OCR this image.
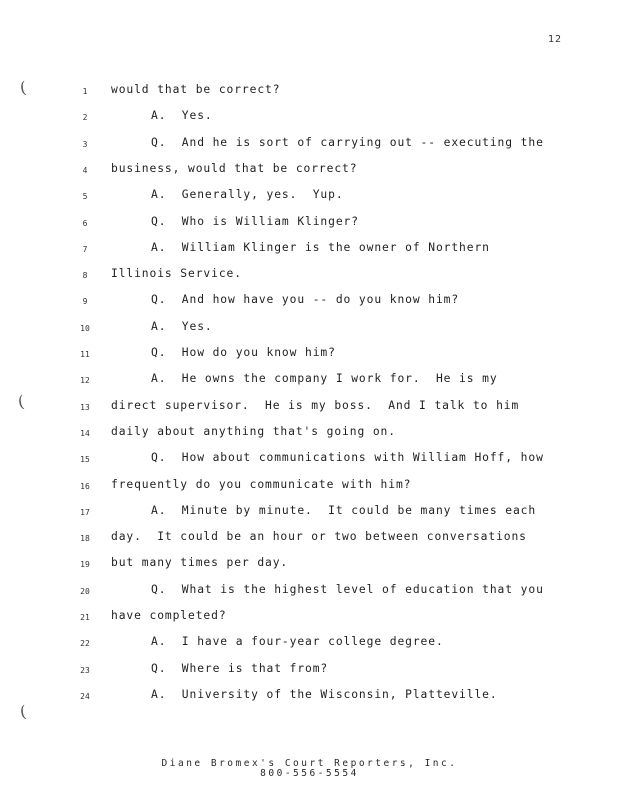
12
(
(
(
1	would that be correct?
2	A.  Yes.
3	Q.  And he is sort of carrying out -- executing the
4	business, would that be correct?
5	A.  Generally, yes.  Yup.
6	Q.  Who is William Klinger?
7	A.  William Klinger is the owner of Northern
8	Illinois Service.
9	Q.  And how have you -- do you know him?
10	A.  Yes.
11	Q.  How do you know him?
12	A.  He owns the company I work for.  He is my
13	direct supervisor.  He is my boss.  And I talk to him
14	daily about anything that's going on.
15	Q.  How about communications with William Hoff, how
16	frequently do you communicate with him?
17	A.  Minute by minute.  It could be many times each
18	day.  It could be an hour or two between conversations
19	but many times per day.
20	Q.  What is the highest level of education that you
21	have completed?
22	A.  I have a four-year college degree.
23	Q.  Where is that from?
24	A.  University of the Wisconsin, Platteville.
Diane Bromex's Court Reporters, Inc.
800-556-5554
